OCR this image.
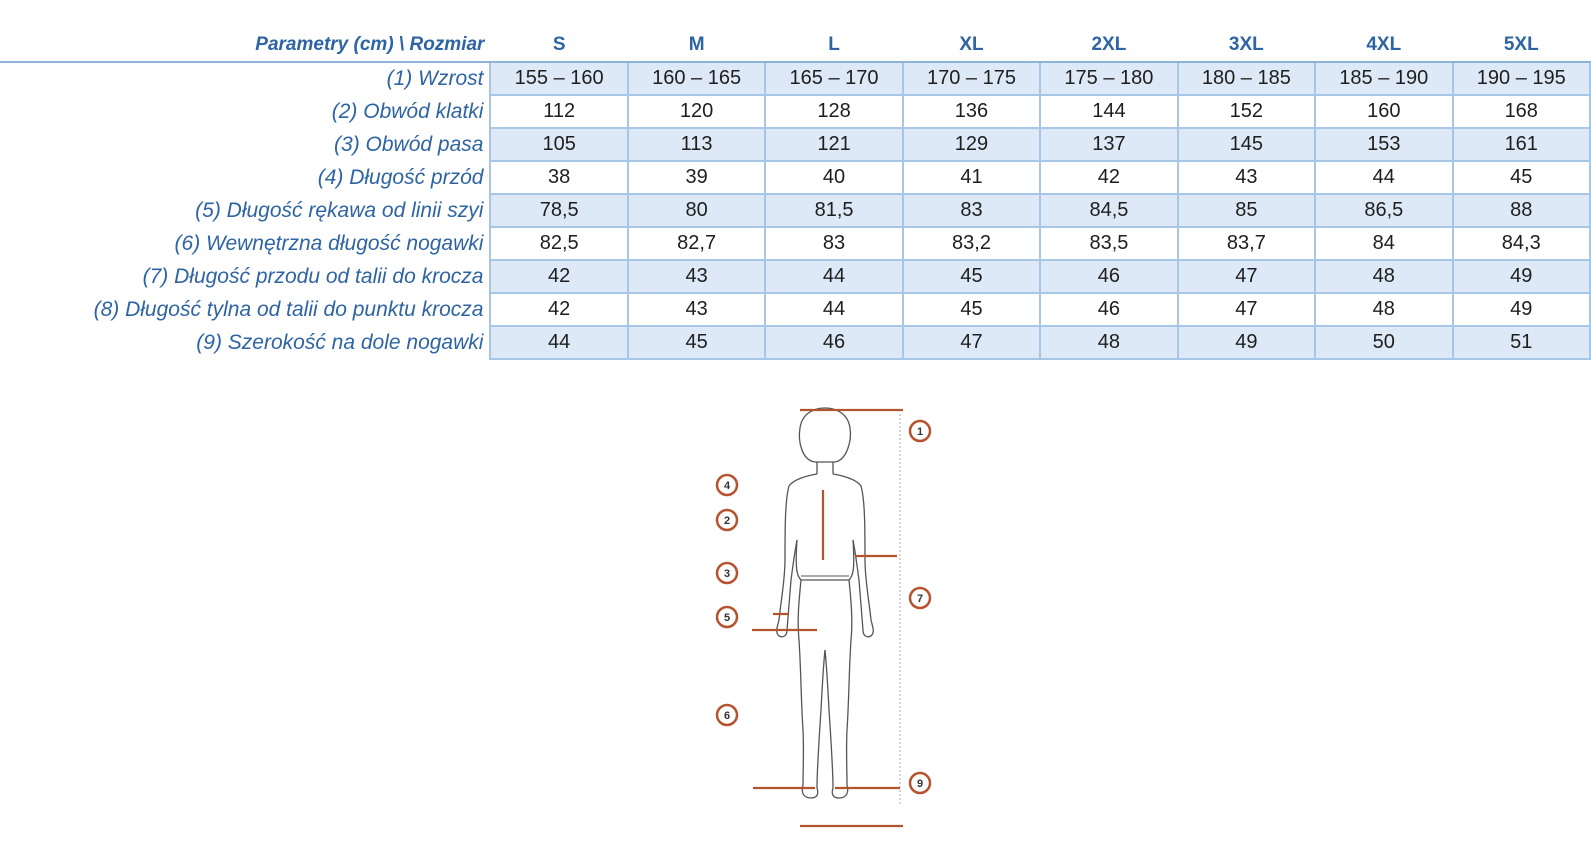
Parametry (cm) \ Rozmiar	S	M	L	XL	2XL	3XL	4XL	5XL
(1) Wzrost	155 – 160	160 – 165	165 – 170	170 – 175	175 – 180	180 – 185	185 – 190	190 – 195
(2) Obwód klatki	112	120	128	136	144	152	160	168
(3) Obwód pasa	105	113	121	129	137	145	153	161
(4) Długość przód	38	39	40	41	42	43	44	45
(5) Długość rękawa od linii szyi	78,5	80	81,5	83	84,5	85	86,5	88
(6) Wewnętrzna długość nogawki	82,5	82,7	83	83,2	83,5	83,7	84	84,3
(7) Długość przodu od talii do krocza	42	43	44	45	46	47	48	49
(8) Długość tylna od talii do punktu krocza	42	43	44	45	46	47	48	49
(9) Szerokość na dole nogawki	44	45	46	47	48	49	50	51
1
4
2
3
7
5
6
9
